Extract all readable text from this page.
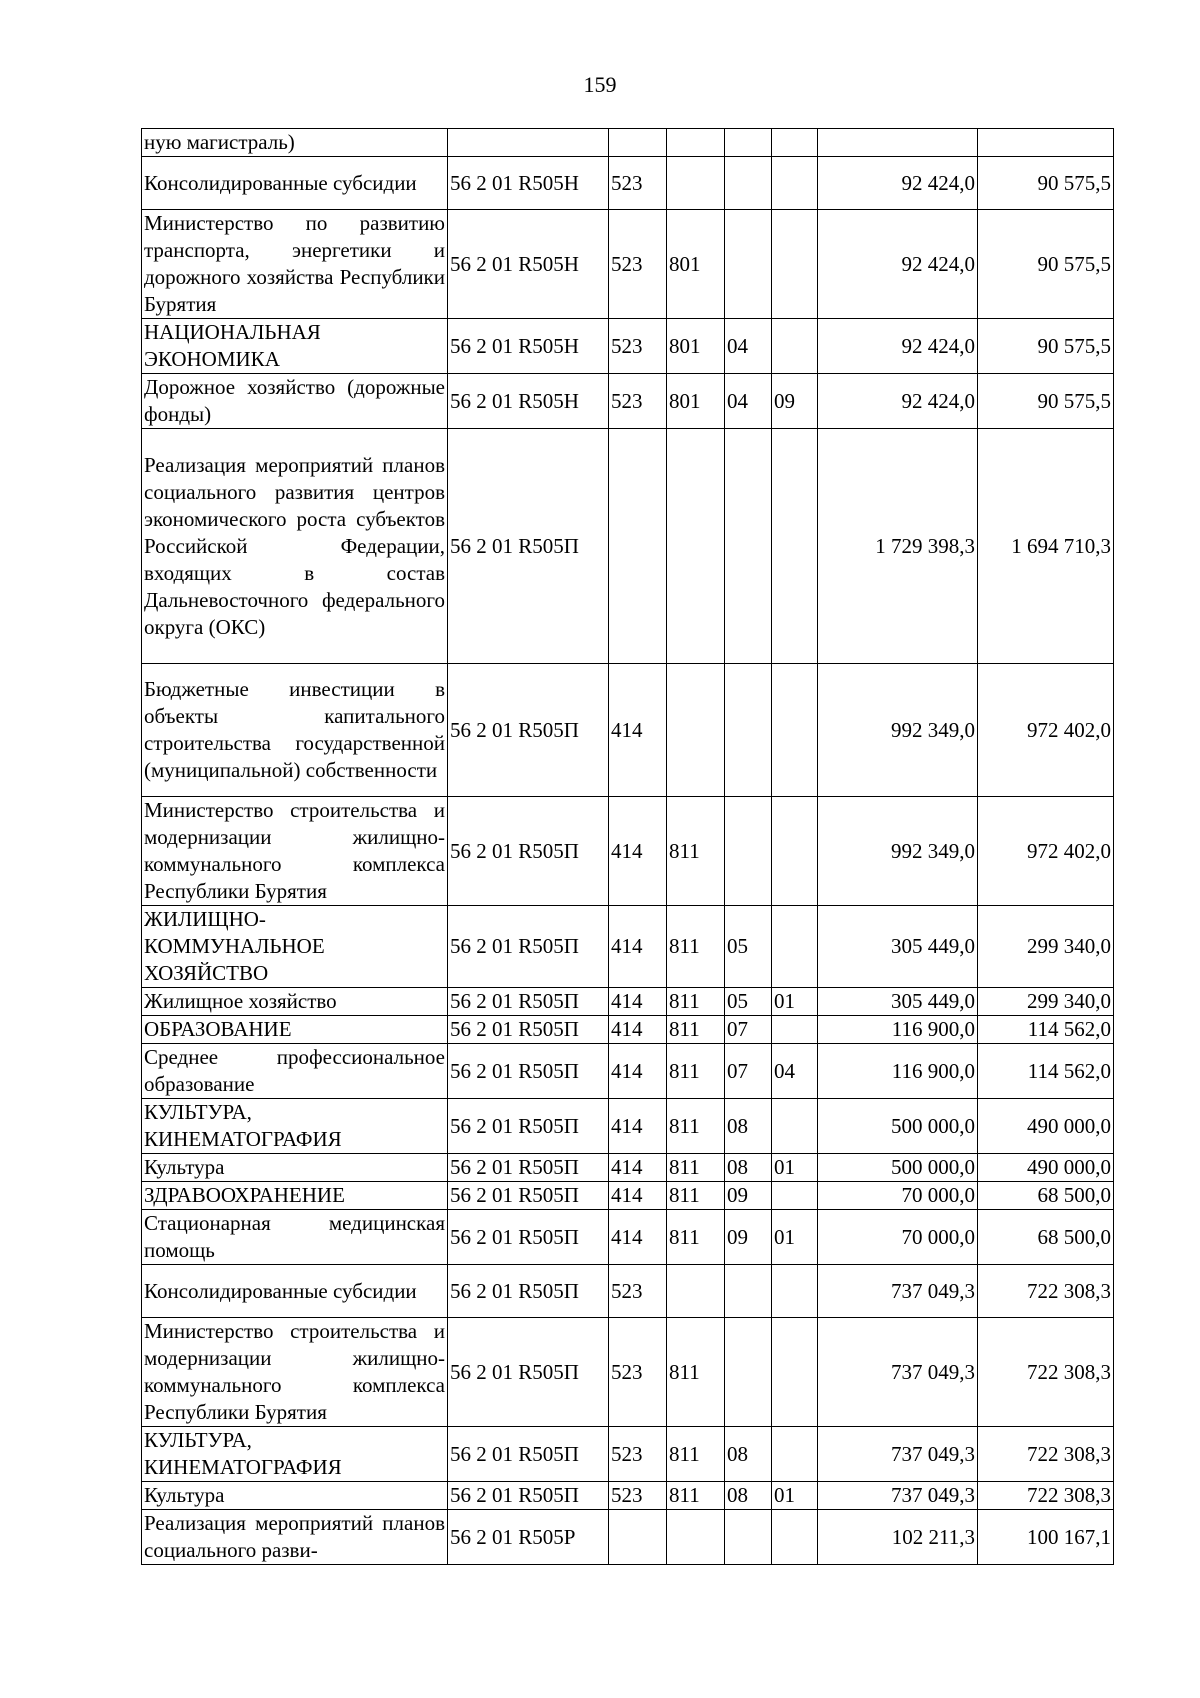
159
ную магистраль)							
Консолидированные субсидии	56 2 01 R505Н	523				92 424,0	90 575,5
Министерство по развитию транспорта, энергетики и дорожного хозяйства Республики Бурятия	56 2 01 R505Н	523	801			92 424,0	90 575,5
НАЦИОНАЛЬНАЯ ЭКОНОМИКА	56 2 01 R505Н	523	801	04		92 424,0	90 575,5
Дорожное хозяйство (дорожные фонды)	56 2 01 R505Н	523	801	04	09	92 424,0	90 575,5
Реализация мероприятий планов социального развития центров экономического роста субъектов Российской Федерации, входящих в состав Дальневосточного федерального округа (ОКС)	56 2 01 R505П					1 729 398,3	1 694 710,3
Бюджетные инвестиции в объекты капитального строительства государственной (муниципальной) собственности	56 2 01 R505П	414				992 349,0	972 402,0
Министерство строительства и модернизации жилищно-коммунального комплекса Республики Бурятия	56 2 01 R505П	414	811			992 349,0	972 402,0
ЖИЛИЩНО-КОММУНАЛЬНОЕ ХОЗЯЙСТВО	56 2 01 R505П	414	811	05		305 449,0	299 340,0
Жилищное хозяйство	56 2 01 R505П	414	811	05	01	305 449,0	299 340,0
ОБРАЗОВАНИЕ	56 2 01 R505П	414	811	07		116 900,0	114 562,0
Среднее профессиональное образование	56 2 01 R505П	414	811	07	04	116 900,0	114 562,0
КУЛЬТУРА, КИНЕМАТОГРАФИЯ	56 2 01 R505П	414	811	08		500 000,0	490 000,0
Культура	56 2 01 R505П	414	811	08	01	500 000,0	490 000,0
ЗДРАВООХРАНЕНИЕ	56 2 01 R505П	414	811	09		70 000,0	68 500,0
Стационарная медицинская помощь	56 2 01 R505П	414	811	09	01	70 000,0	68 500,0
Консолидированные субсидии	56 2 01 R505П	523				737 049,3	722 308,3
Министерство строительства и модернизации жилищно-коммунального комплекса Республики Бурятия	56 2 01 R505П	523	811			737 049,3	722 308,3
КУЛЬТУРА, КИНЕМАТОГРАФИЯ	56 2 01 R505П	523	811	08		737 049,3	722 308,3
Культура	56 2 01 R505П	523	811	08	01	737 049,3	722 308,3
Реализация мероприятий планов социального разви-	56 2 01 R505Р					102 211,3	100 167,1
